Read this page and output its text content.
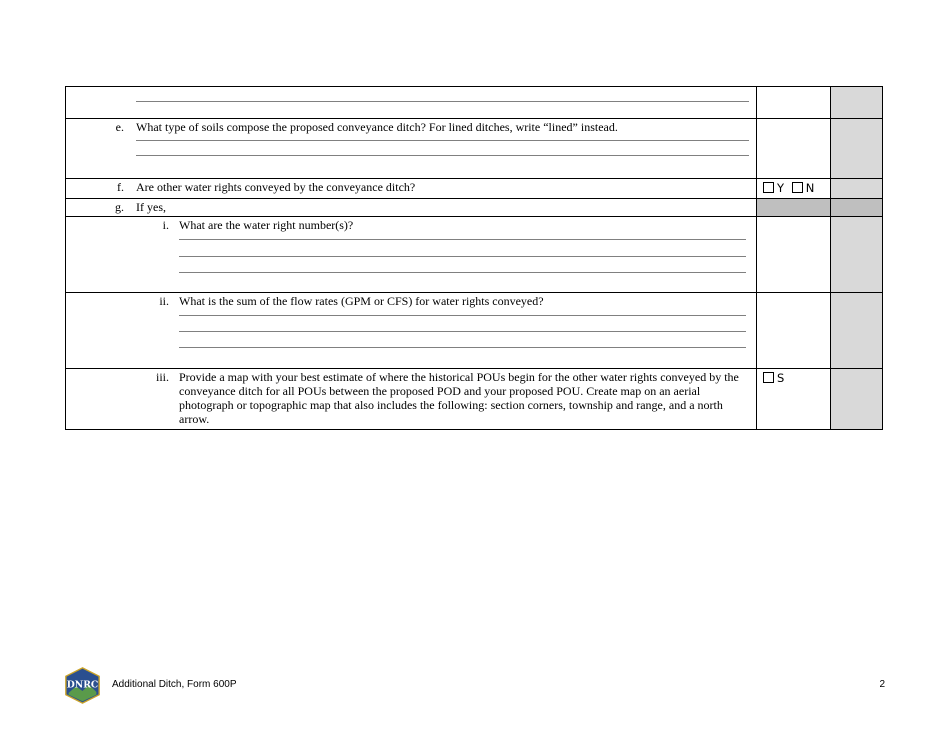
e. What type of soils compose the proposed conveyance ditch? For lined ditches, write “lined” instead.		

f. Are other water rights conveyed by the conveyance ditch?	Y N	

g. If yes,		

i. What are the water right number(s)?		

ii. What is the sum of the flow rates (GPM or CFS) for water rights conveyed?		

iii. Provide a map with your best estimate of where the historical POUs begin for the other water rights conveyed by the conveyance ditch for all POUs between the proposed POD and your proposed POU. Create map on an aerial photograph or topographic map that also includes the following: section corners, township and range, and a north arrow.	S	

DNRC Additional Ditch, Form 600P	2
